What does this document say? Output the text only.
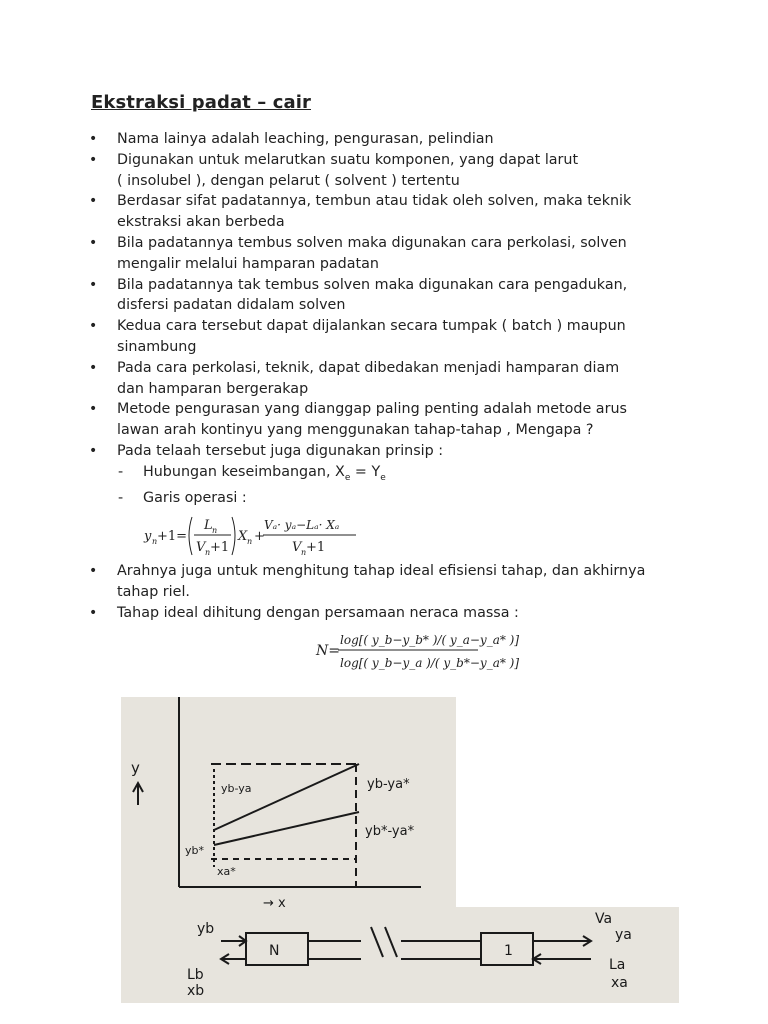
Ekstraksi padat – cair
• Nama lainya adalah leaching, pengurasan, pelindian
• Digunakan untuk melarutkan suatu komponen, yang dapat larut
( insolubel ), dengan pelarut ( solvent ) tertentu
• Berdasar sifat padatannya, tembun atau tidak oleh solven, maka teknik
ekstraksi akan berbeda
• Bila padatannya tembus solven maka digunakan cara perkolasi, solven
mengalir melalui hamparan padatan
• Bila padatannya tak tembus solven maka digunakan cara pengadukan,
disfersi padatan didalam solven
• Kedua cara tersebut dapat dijalankan secara tumpak ( batch ) maupun
sinambung
• Pada cara perkolasi, teknik, dapat dibedakan menjadi hamparan diam
dan hamparan bergerakap
• Metode pengurasan yang dianggap paling penting adalah metode arus
lawan arah kontinyu yang menggunakan tahap-tahap , Mengapa ?
• Pada telaah tersebut juga digunakan prinsip :
- Hubungan keseimbangan, $X_e = Y_e$
- Garis operasi :
y n +1=
L n
V n +1
X n +
Vₐ· yₐ−Lₐ· Xₐ
V n +1
• Arahnya juga untuk menghitung tahap ideal efisiensi tahap, dan akhirnya
tahap riel.
• Tahap ideal dihitung dengan persamaan neraca massa :
N=
log[( y_b−y_b* )/( y_a−y_a* )]
log[( y_b−y_a )/( y_b*−y_a* )]
y
→ x
yb-ya	yb-ya*
yb*-ya*
yb*
xa*
N	1
yb
Lb
xb
Va
ya
La
xa
